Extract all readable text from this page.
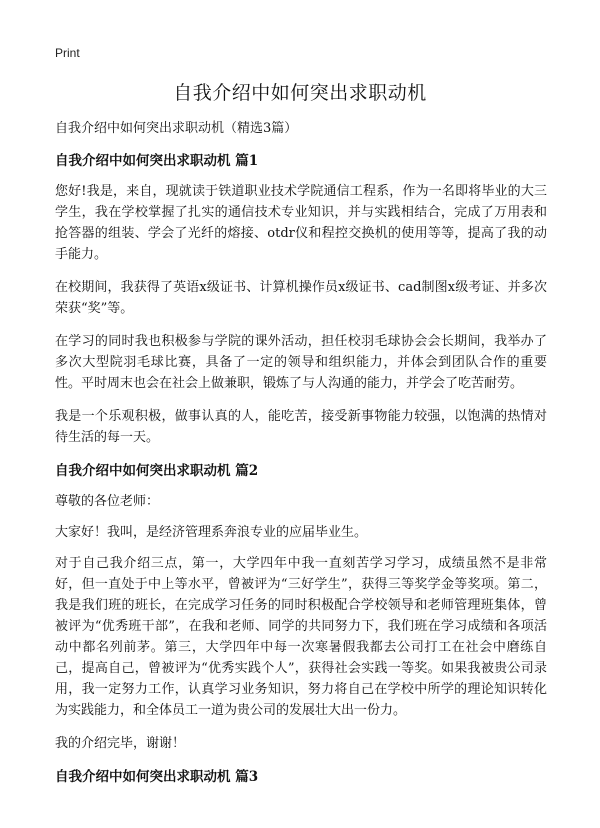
Print
自我介绍中如何突出求职动机

自我介绍中如何突出求职动机（精选3篇）

自我介绍中如何突出求职动机 篇1

您好!我是，来自，现就读于铁道职业技术学院通信工程系，作为一名即将毕业的大三学生，我在学校掌握了扎实的通信技术专业知识，并与实践相结合，完成了万用表和抢答器的组装、学会了光纤的熔接、otdr仪和程控交换机的使用等等，提高了我的动手能力。

在校期间，我获得了英语x级证书、计算机操作员x级证书、cad制图x级考证、并多次荣获“奖”等。

在学习的同时我也积极参与学院的课外活动，担任校羽毛球协会会长期间，我举办了多次大型院羽毛球比赛，具备了一定的领导和组织能力，并体会到团队合作的重要性。平时周末也会在社会上做兼职，锻炼了与人沟通的能力，并学会了吃苦耐劳。

我是一个乐观积极，做事认真的人，能吃苦，接受新事物能力较强，以饱满的热情对待生活的每一天。

自我介绍中如何突出求职动机 篇2

尊敬的各位老师：

大家好！我叫，是经济管理系奔浪专业的应届毕业生。

对于自己我介绍三点，第一，大学四年中我一直刻苦学习学习，成绩虽然不是非常好，但一直处于中上等水平，曾被评为“三好学生”，获得三等奖学金等奖项。第二，我是我们班的班长，在完成学习任务的同时积极配合学校领导和老师管理班集体，曾被评为“优秀班干部”，在我和老师、同学的共同努力下，我们班在学习成绩和各项活动中都名列前茅。第三，大学四年中每一次寒暑假我都去公司打工在社会中磨练自己，提高自己，曾被评为“优秀实践个人”，获得社会实践一等奖。如果我被贵公司录用，我一定努力工作，认真学习业务知识，努力将自己在学校中所学的理论知识转化为实践能力，和全体员工一道为贵公司的发展壮大出一份力。

我的介绍完毕，谢谢！

自我介绍中如何突出求职动机 篇3
